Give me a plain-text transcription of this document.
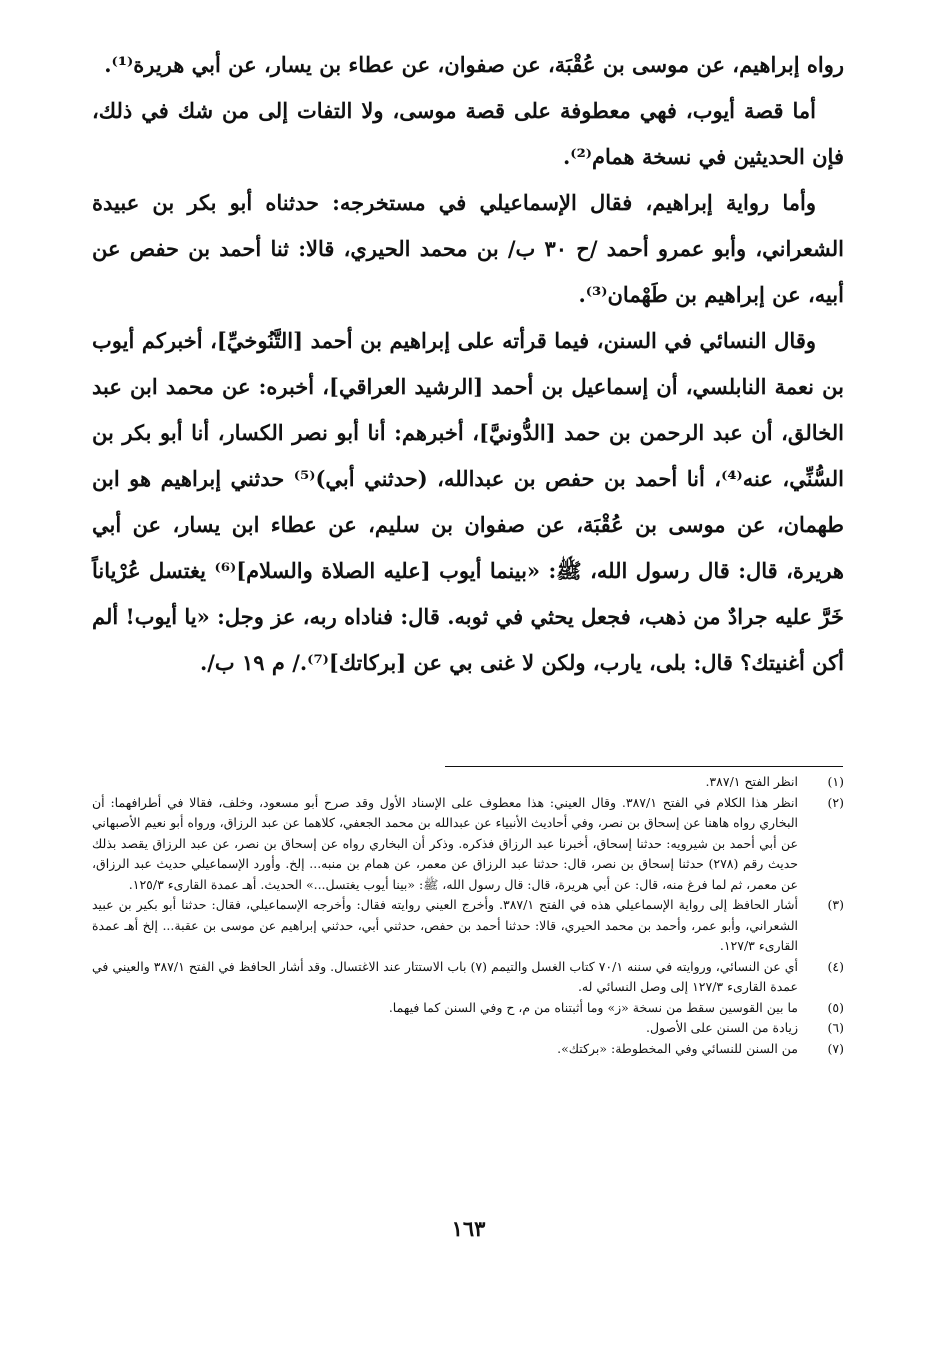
رواه إبراهيم، عن موسى بن عُقْبَة، عن صفوان، عن عطاء بن يسار، عن أبي هريرة⁽¹⁾.

أما قصة أيوب، فهي معطوفة على قصة موسى، ولا التفات إلى من شك في ذلك، فإن الحديثين في نسخة همام⁽²⁾.

وأما رواية إبراهيم، فقال الإسماعيلي في مستخرجه: حدثناه أبو بكر بن عبيدة الشعراني، وأبو عمرو أحمد /ح ٣٠ ب/ بن محمد الحيري، قالا: ثنا أحمد بن حفص عن أبيه، عن إبراهيم بن طَهْمان⁽³⁾.

وقال النسائي في السنن، فيما قرأته على إبراهيم بن أحمد [التَّنُوخيِّ]، أخبركم أيوب بن نعمة النابلسي، أن إسماعيل بن أحمد [الرشيد العراقي]، أخبره: عن محمد ابن عبد الخالق، أن عبد الرحمن بن حمد [الدُّونيَّ]، أخبرهم: أنا أبو نصر الكسار، أنا أبو بكر بن السُّنِّي، عنه⁽⁴⁾، أنا أحمد بن حفص بن عبدالله، (حدثني أبي)⁽⁵⁾ حدثني إبراهيم هو ابن طهمان، عن موسى بن عُقْبَة، عن صفوان بن سليم، عن عطاء ابن يسار، عن أبي هريرة، قال: قال رسول الله، ﷺ: «بينما أيوب [عليه الصلاة والسلام]⁽⁶⁾ يغتسل عُرْياناً خَرَّ عليه جرادٌ من ذهب، فجعل يحثي في ثوبه. قال: فناداه ربه، عز وجل: «يا أيوب! ألم أكن أغنيتك؟ قال: بلى، يارب، ولكن لا غنى بي عن [بركاتك]⁽⁷⁾./ م ١٩ ب/.

(١)
انظر الفتح ٣٨٧/١.
(٢)
انظر هذا الكلام في الفتح ٣٨٧/١. وقال العيني: هذا معطوف على الإسناد الأول وقد صرح أبو مسعود، وخلف، فقالا في أطرافهما: أن البخاري رواه هاهنا عن إسحاق بن نصر، وفي أحاديث الأنبياء عن عبدالله بن محمد الجعفي، كلاهما عن عبد الرزاق، ورواه أبو نعيم الأصبهاني عن أبي أحمد بن شيرويه: حدثنا إسحاق، أخبرنا عبد الرزاق فذكره. وذكر أن البخاري رواه عن إسحاق بن نصر، عن عبد الرزاق يقصد بذلك حديث رقم (٢٧٨) حدثنا إسحاق بن نصر، قال: حدثنا عبد الرزاق عن معمر، عن همام بن منبه... إلخ. وأورد الإسماعيلي حديث عبد الرزاق، عن معمر، ثم لما فرغ منه، قال: عن أبي هريرة، قال: قال رسول الله، ﷺ: «بينا أيوب يغتسل...» الحديث. أهـ عمدة القارىء ١٢٥/٣.
(٣)
أشار الحافظ إلى رواية الإسماعيلي هذه في الفتح ٣٨٧/١. وأخرج العيني روايته فقال: وأخرجه الإسماعيلي، فقال: حدثنا أبو بكير بن عبيد الشعراني، وأبو عمر، وأحمد بن محمد الحيري، قالا: حدثنا أحمد بن حفص، حدثني أبي، حدثني إبراهيم عن موسى بن عقبة... إلخ أهـ عمدة القارىء ١٢٧/٣.
(٤)
أي عن النسائي، وروايته في سننه ٧٠/١ كتاب الغسل والتيمم (٧) باب الاستتار عند الاغتسال. وقد أشار الحافظ في الفتح ٣٨٧/١ والعيني في عمدة القارىء ١٢٧/٣ إلى وصل النسائي له.
(٥)
ما بين القوسين سقط من نسخة «ز» وما أثبتناه من م، ح وفي السنن كما فيهما.
(٦)
زيادة من السنن على الأصول.
(٧)
من السنن للنسائي وفي المخطوطة: «بركتك».
١٦٣
